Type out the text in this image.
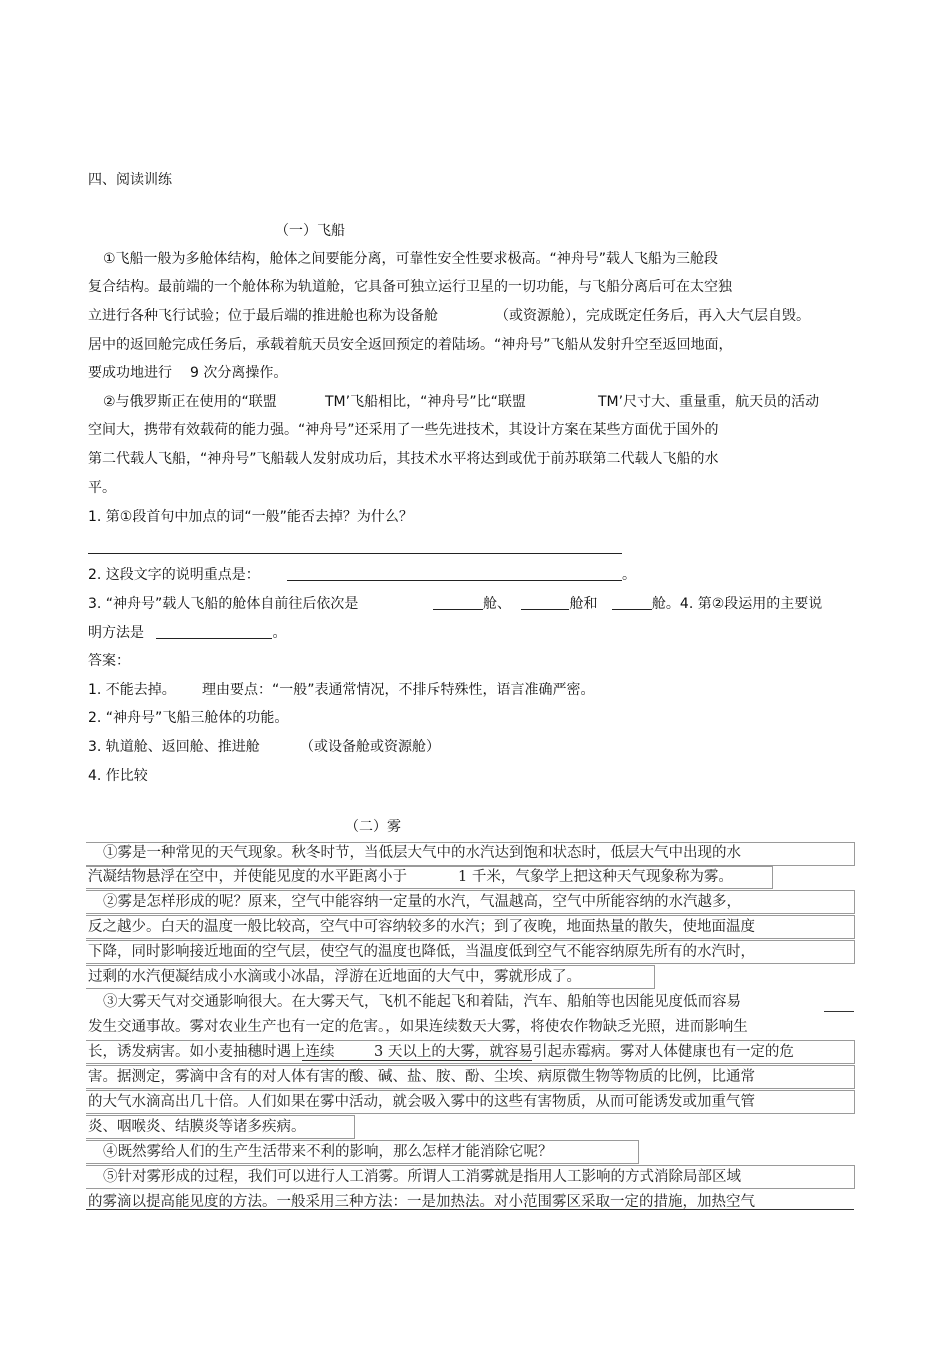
四、阅读训练
（一）飞船
①飞船一般为多舱体结构，舱体之间要能分离，可靠性安全性要求极高。“神舟号”载人飞船为三舱段
复合结构。最前端的一个舱体称为轨道舱，它具备可独立运行卫星的一切功能，与飞船分离后可在太空独
立进行各种飞行试验；位于最后端的推进舱也称为设备舱	（或资源舱），完成既定任务后，再入大气层自毁。
居中的返回舱完成任务后，承载着航天员安全返回预定的着陆场。“神舟号”飞船从发射升空至返回地面，
要成功地进行 9 次分离操作。
②与俄罗斯正在使用的“联盟	TM’飞船相比，“神舟号”比“联盟	TM’尺寸大、重量重，航天员的活动
空间大，携带有效载荷的能力强。“神舟号”还采用了一些先进技术，其设计方案在某些方面优于国外的
第二代载人飞船，“神舟号”飞船载人发射成功后，其技术水平将达到或优于前苏联第二代载人飞船的水
平。
1. 第①段首句中加点的词“一般”能否去掉？为什么？
2. 这段文字的说明重点是：	。
3. “神舟号”载人飞船的舱体自前往后依次是	舱、	舱和	舱。4. 第②段运用的主要说
明方法是	。
答案：
1. 不能去掉。 理由要点：“一般”表通常情况，不排斥特殊性，语言准确严密。
2. “神舟号”飞船三舱体的功能。
3. 轨道舱、返回舱、推进舱	（或设备舱或资源舱）
4. 作比较
（二）雾
①雾是一种常见的天气现象。秋冬时节，当低层大气中的水汽达到饱和状态时，低层大气中出现的水
汽凝结物悬浮在空中，并使能见度的水平距离小于	1 千米，气象学上把这种天气现象称为雾。
②雾是怎样形成的呢？原来，空气中能容纳一定量的水汽，气温越高，空气中所能容纳的水汽越多，
反之越少。白天的温度一般比较高，空气中可容纳较多的水汽；到了夜晚，地面热量的散失，使地面温度
下降，同时影响接近地面的空气层，使空气的温度也降低，当温度低到空气不能容纳原先所有的水汽时，
过剩的水汽便凝结成小水滴或小冰晶，浮游在近地面的大气中，雾就形成了。
③大雾天气对交通影响很大。在大雾天气，飞机不能起飞和着陆，汽车、船舶等也因能见度低而容易
发生交通事故。雾对农业生产也有一定的危害。，如果连续数天大雾，将使农作物缺乏光照，进而影响生
长，诱发病害。如小麦抽穗时遇上连续	3 天以上的大雾，就容易引起赤霉病。雾对人体健康也有一定的危
害。据测定，雾滴中含有的对人体有害的酸、碱、盐、胺、酚、尘埃、病原微生物等物质的比例，比通常
的大气水滴高出几十倍。人们如果在雾中活动，就会吸入雾中的这些有害物质，从而可能诱发或加重气管
炎、咽喉炎、结膜炎等诸多疾病。
④既然雾给人们的生产生活带来不利的影响，那么怎样才能消除它呢？
⑤针对雾形成的过程，我们可以进行人工消雾。所谓人工消雾就是指用人工影响的方式消除局部区域
的雾滴以提高能见度的方法。一般采用三种方法：一是加热法。对小范围雾区采取一定的措施，加热空气
